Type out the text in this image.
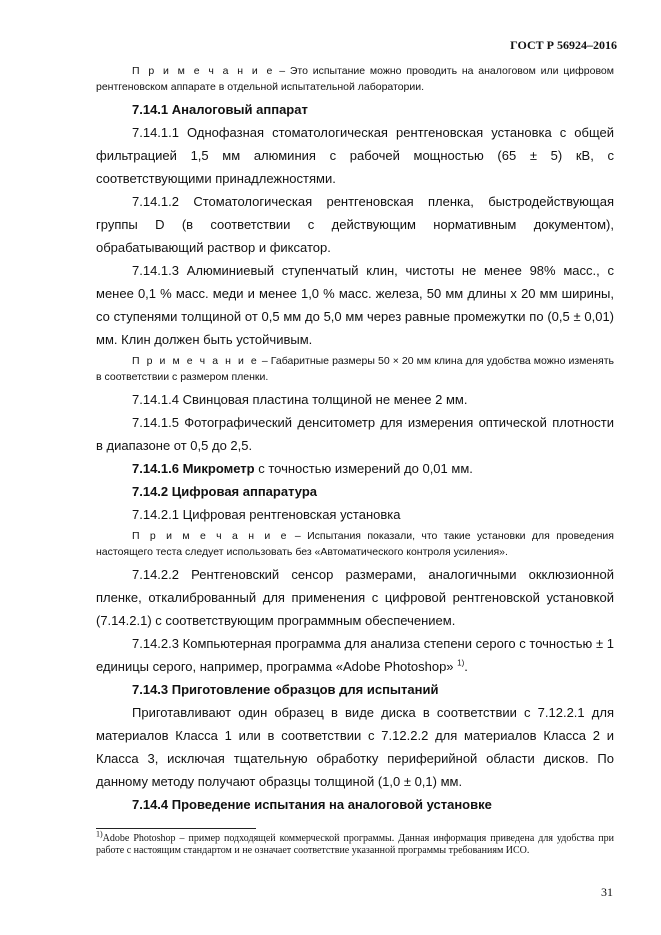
ГОСТ Р 56924–2016

П р и м е ч а н и е – Это испытание можно проводить на аналоговом или цифровом рентгеновском аппарате в отдельной испытательной лаборатории.

7.14.1 Аналоговый аппарат

7.14.1.1 Однофазная стоматологическая рентгеновская установка с общей фильтрацией 1,5 мм алюминия с рабочей мощностью (65 ± 5) кВ, с соответствующими принадлежностями.

7.14.1.2 Стоматологическая рентгеновская пленка, быстродействующая группы D (в соответствии с действующим нормативным документом), обрабатывающий раствор и фиксатор.

7.14.1.3 Алюминиевый ступенчатый клин, чистоты не менее 98% масс., с менее 0,1 % масс. меди и менее 1,0 % масс. железа, 50 мм длины х 20 мм ширины, со ступенями толщиной от 0,5 мм до 5,0 мм через равные промежутки по (0,5 ± 0,01) мм. Клин должен быть устойчивым.

П р и м е ч а н и е – Габаритные размеры 50 × 20 мм клина для удобства можно изменять в соответствии с размером пленки.

7.14.1.4 Свинцовая пластина толщиной не менее 2 мм.

7.14.1.5 Фотографический денситометр для измерения оптической плотности в диапазоне от 0,5 до 2,5.

7.14.1.6 Микрометр с точностью измерений до 0,01 мм.

7.14.2 Цифровая аппаратура

7.14.2.1 Цифровая рентгеновская установка

П р и м е ч а н и е – Испытания показали, что такие установки для проведения настоящего теста следует использовать без «Автоматического контроля усиления».

7.14.2.2 Рентгеновский сенсор размерами, аналогичными окклюзионной пленке, откалиброванный для применения с цифровой рентгеновской установкой (7.14.2.1) с соответствующим программным обеспечением.

7.14.2.3 Компьютерная программа для анализа степени серого с точностью ± 1 единицы серого, например, программа «Adobe Photoshop» $^{1)}$.

7.14.3 Приготовление образцов для испытаний

Приготавливают один образец в виде диска в соответствии с 7.12.2.1 для материалов Класса 1 или в соответствии с 7.12.2.2 для материалов Класса 2 и Класса 3, исключая тщательную обработку периферийной области дисков. По данному методу получают образцы толщиной (1,0 ± 0,1) мм.

7.14.4 Проведение испытания на аналоговой установке

$^{1)}$Adobe Photoshop – пример подходящей коммерческой программы. Данная информация приведена для удобства при работе с настоящим стандартом и не означает соответствие указанной программы требованиям ИСО.
31
